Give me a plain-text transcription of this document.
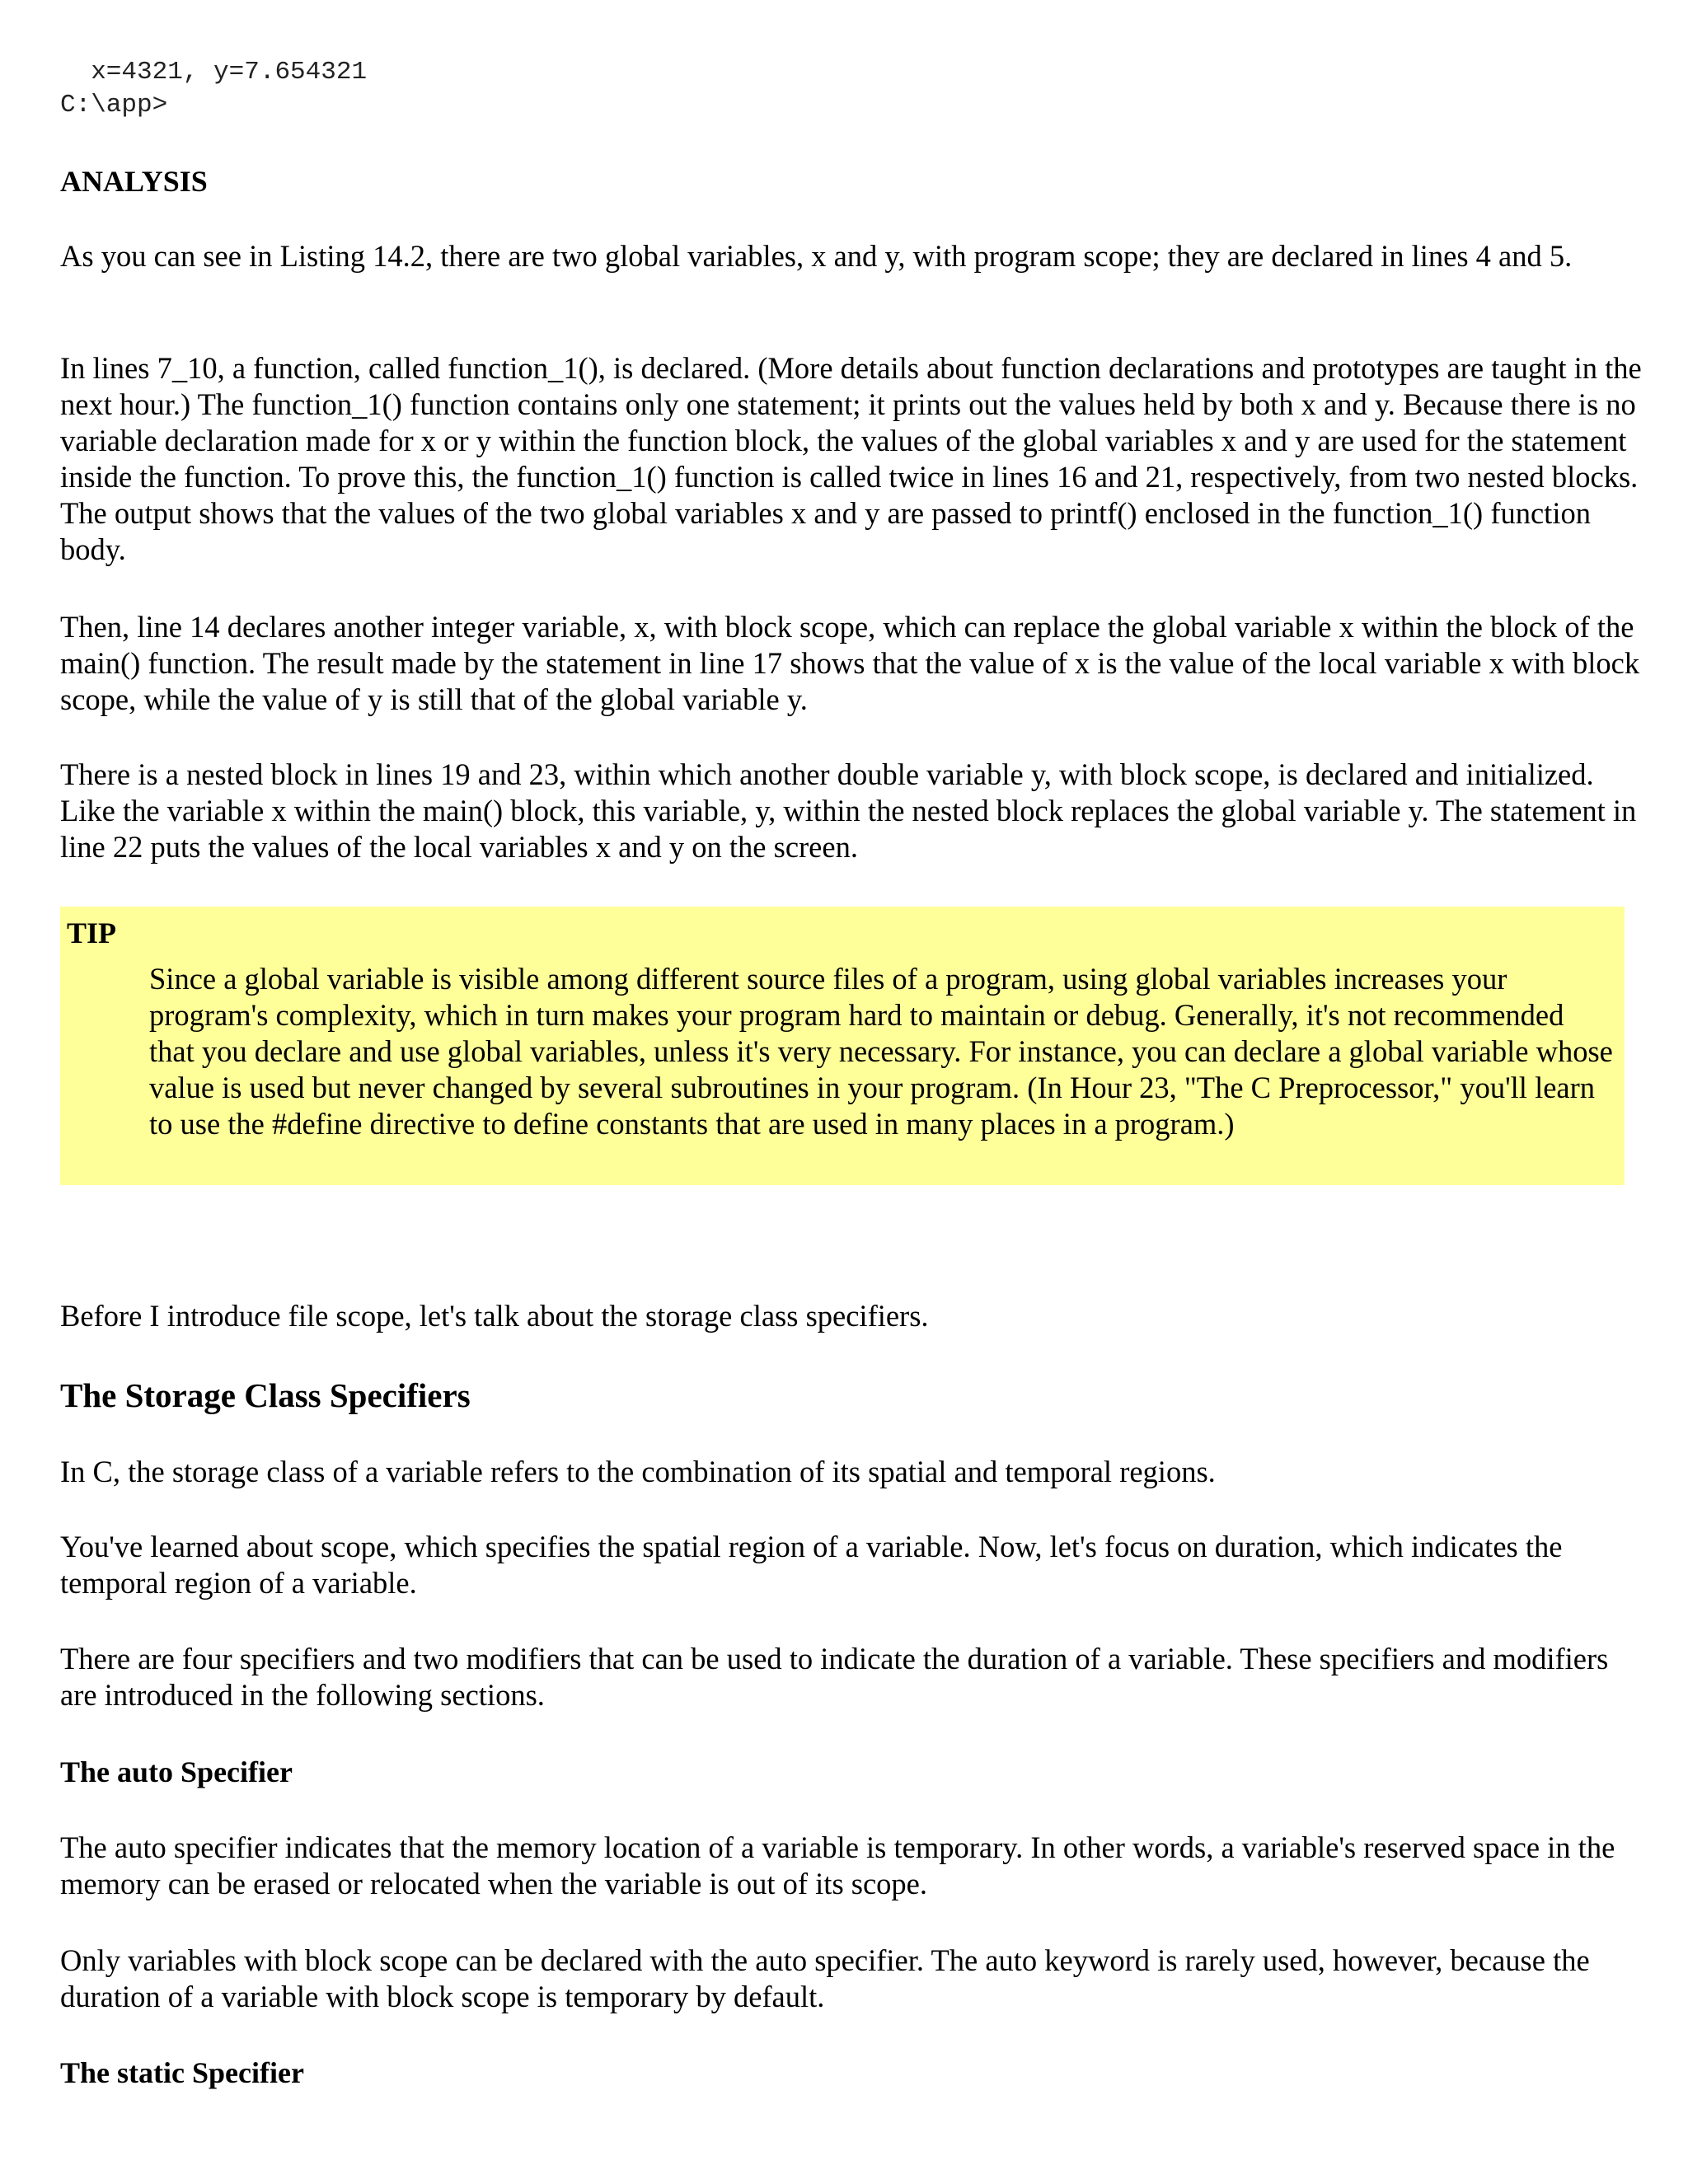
x=4321, y=7.654321
C:\app>
ANALYSIS

As you can see in Listing 14.2, there are two global variables, x and y, with program scope; they are declared in lines 4 and 5.

In lines 7_10, a function, called function_1(), is declared. (More details about function declarations and prototypes are taught in the next hour.) The function_1() function contains only one statement; it prints out the values held by both x and y. Because there is no variable declaration made for x or y within the function block, the values of the global variables x and y are used for the statement inside the function. To prove this, the function_1() function is called twice in lines 16 and 21, respectively, from two nested blocks. The output shows that the values of the two global variables x and y are passed to printf() enclosed in the function_1() function body.

Then, line 14 declares another integer variable, x, with block scope, which can replace the global variable x within the block of the main() function. The result made by the statement in line 17 shows that the value of x is the value of the local variable x with block scope, while the value of y is still that of the global variable y.

There is a nested block in lines 19 and 23, within which another double variable y, with block scope, is declared and initialized. Like the variable x within the main() block, this variable, y, within the nested block replaces the global variable y. The statement in line 22 puts the values of the local variables x and y on the screen.

TIP
Since a global variable is visible among different source files of a program, using global variables increases your program's complexity, which in turn makes your program hard to maintain or debug. Generally, it's not recommended that you declare and use global variables, unless it's very necessary. For instance, you can declare a global variable whose value is used but never changed by several subroutines in your program. (In Hour 23, "The C Preprocessor," you'll learn to use the #define directive to define constants that are used in many places in a program.)

Before I introduce file scope, let's talk about the storage class specifiers.

The Storage Class Specifiers

In C, the storage class of a variable refers to the combination of its spatial and temporal regions.

You've learned about scope, which specifies the spatial region of a variable. Now, let's focus on duration, which indicates the temporal region of a variable.

There are four specifiers and two modifiers that can be used to indicate the duration of a variable. These specifiers and modifiers are introduced in the following sections.

The auto Specifier

The auto specifier indicates that the memory location of a variable is temporary. In other words, a variable's reserved space in the memory can be erased or relocated when the variable is out of its scope.

Only variables with block scope can be declared with the auto specifier. The auto keyword is rarely used, however, because the duration of a variable with block scope is temporary by default.

The static Specifier
